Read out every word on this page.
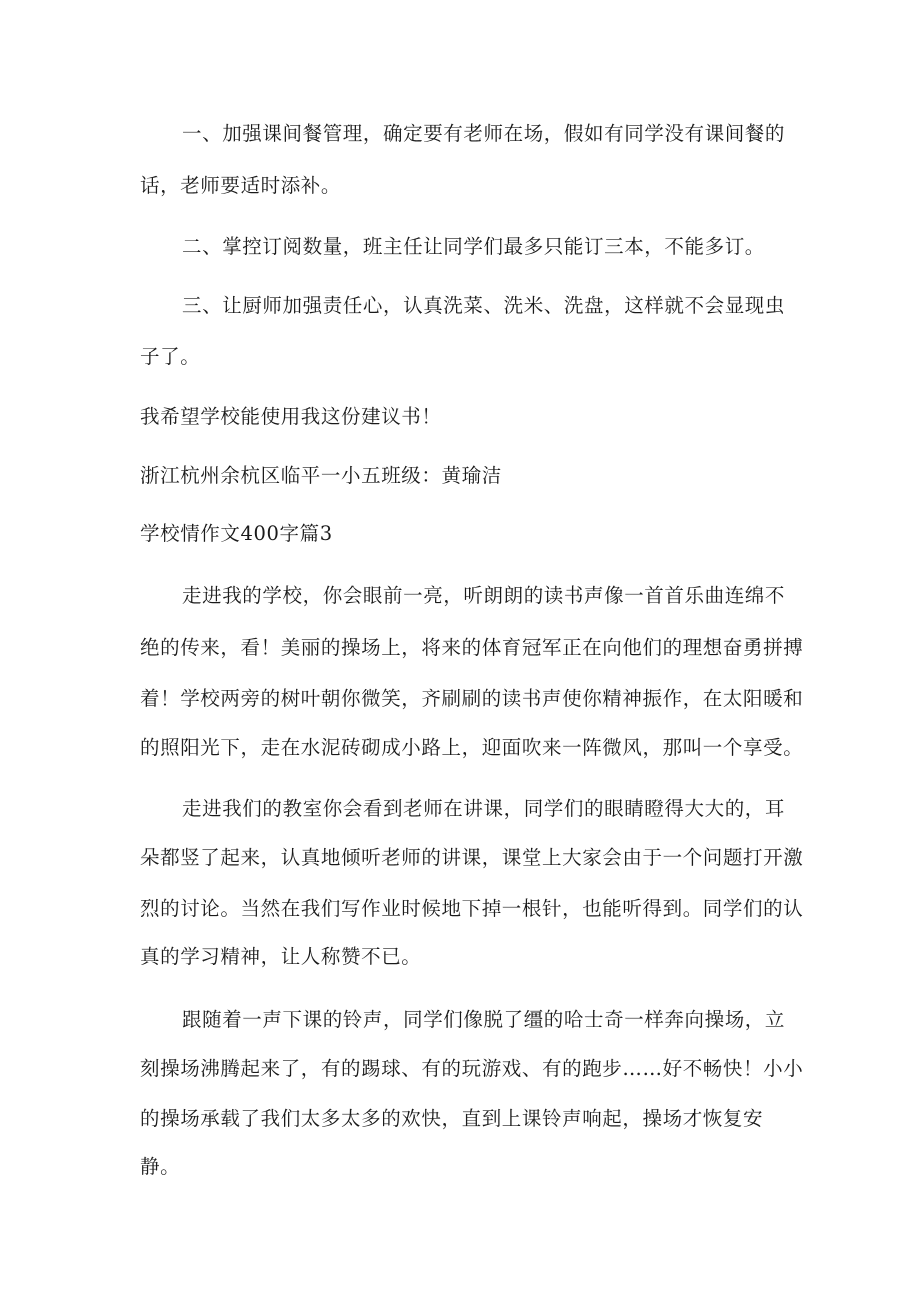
一、加强课间餐管理，确定要有老师在场，假如有同学没有课间餐的
话，老师要适时添补。
二、掌控订阅数量，班主任让同学们最多只能订三本，不能多订。
三、让厨师加强责任心，认真洗菜、洗米、洗盘，这样就不会显现虫
子了。
我希望学校能使用我这份建议书！
浙江杭州余杭区临平一小五班级：黄瑜洁
学校情作文400字篇3
走进我的学校，你会眼前一亮，听朗朗的读书声像一首首乐曲连绵不
绝的传来，看！美丽的操场上，将来的体育冠军正在向他们的理想奋勇拼搏
着！学校两旁的树叶朝你微笑，齐刷刷的读书声使你精神振作，在太阳暖和
的照阳光下，走在水泥砖砌成小路上，迎面吹来一阵微风，那叫一个享受。
走进我们的教室你会看到老师在讲课，同学们的眼睛瞪得大大的，耳
朵都竖了起来，认真地倾听老师的讲课，课堂上大家会由于一个问题打开激
烈的讨论。当然在我们写作业时候地下掉一根针，也能听得到。同学们的认
真的学习精神，让人称赞不已。
跟随着一声下课的铃声，同学们像脱了缰的哈士奇一样奔向操场，立
刻操场沸腾起来了，有的踢球、有的玩游戏、有的跑步……好不畅快！小小
的操场承载了我们太多太多的欢快，直到上课铃声响起，操场才恢复安
静。
